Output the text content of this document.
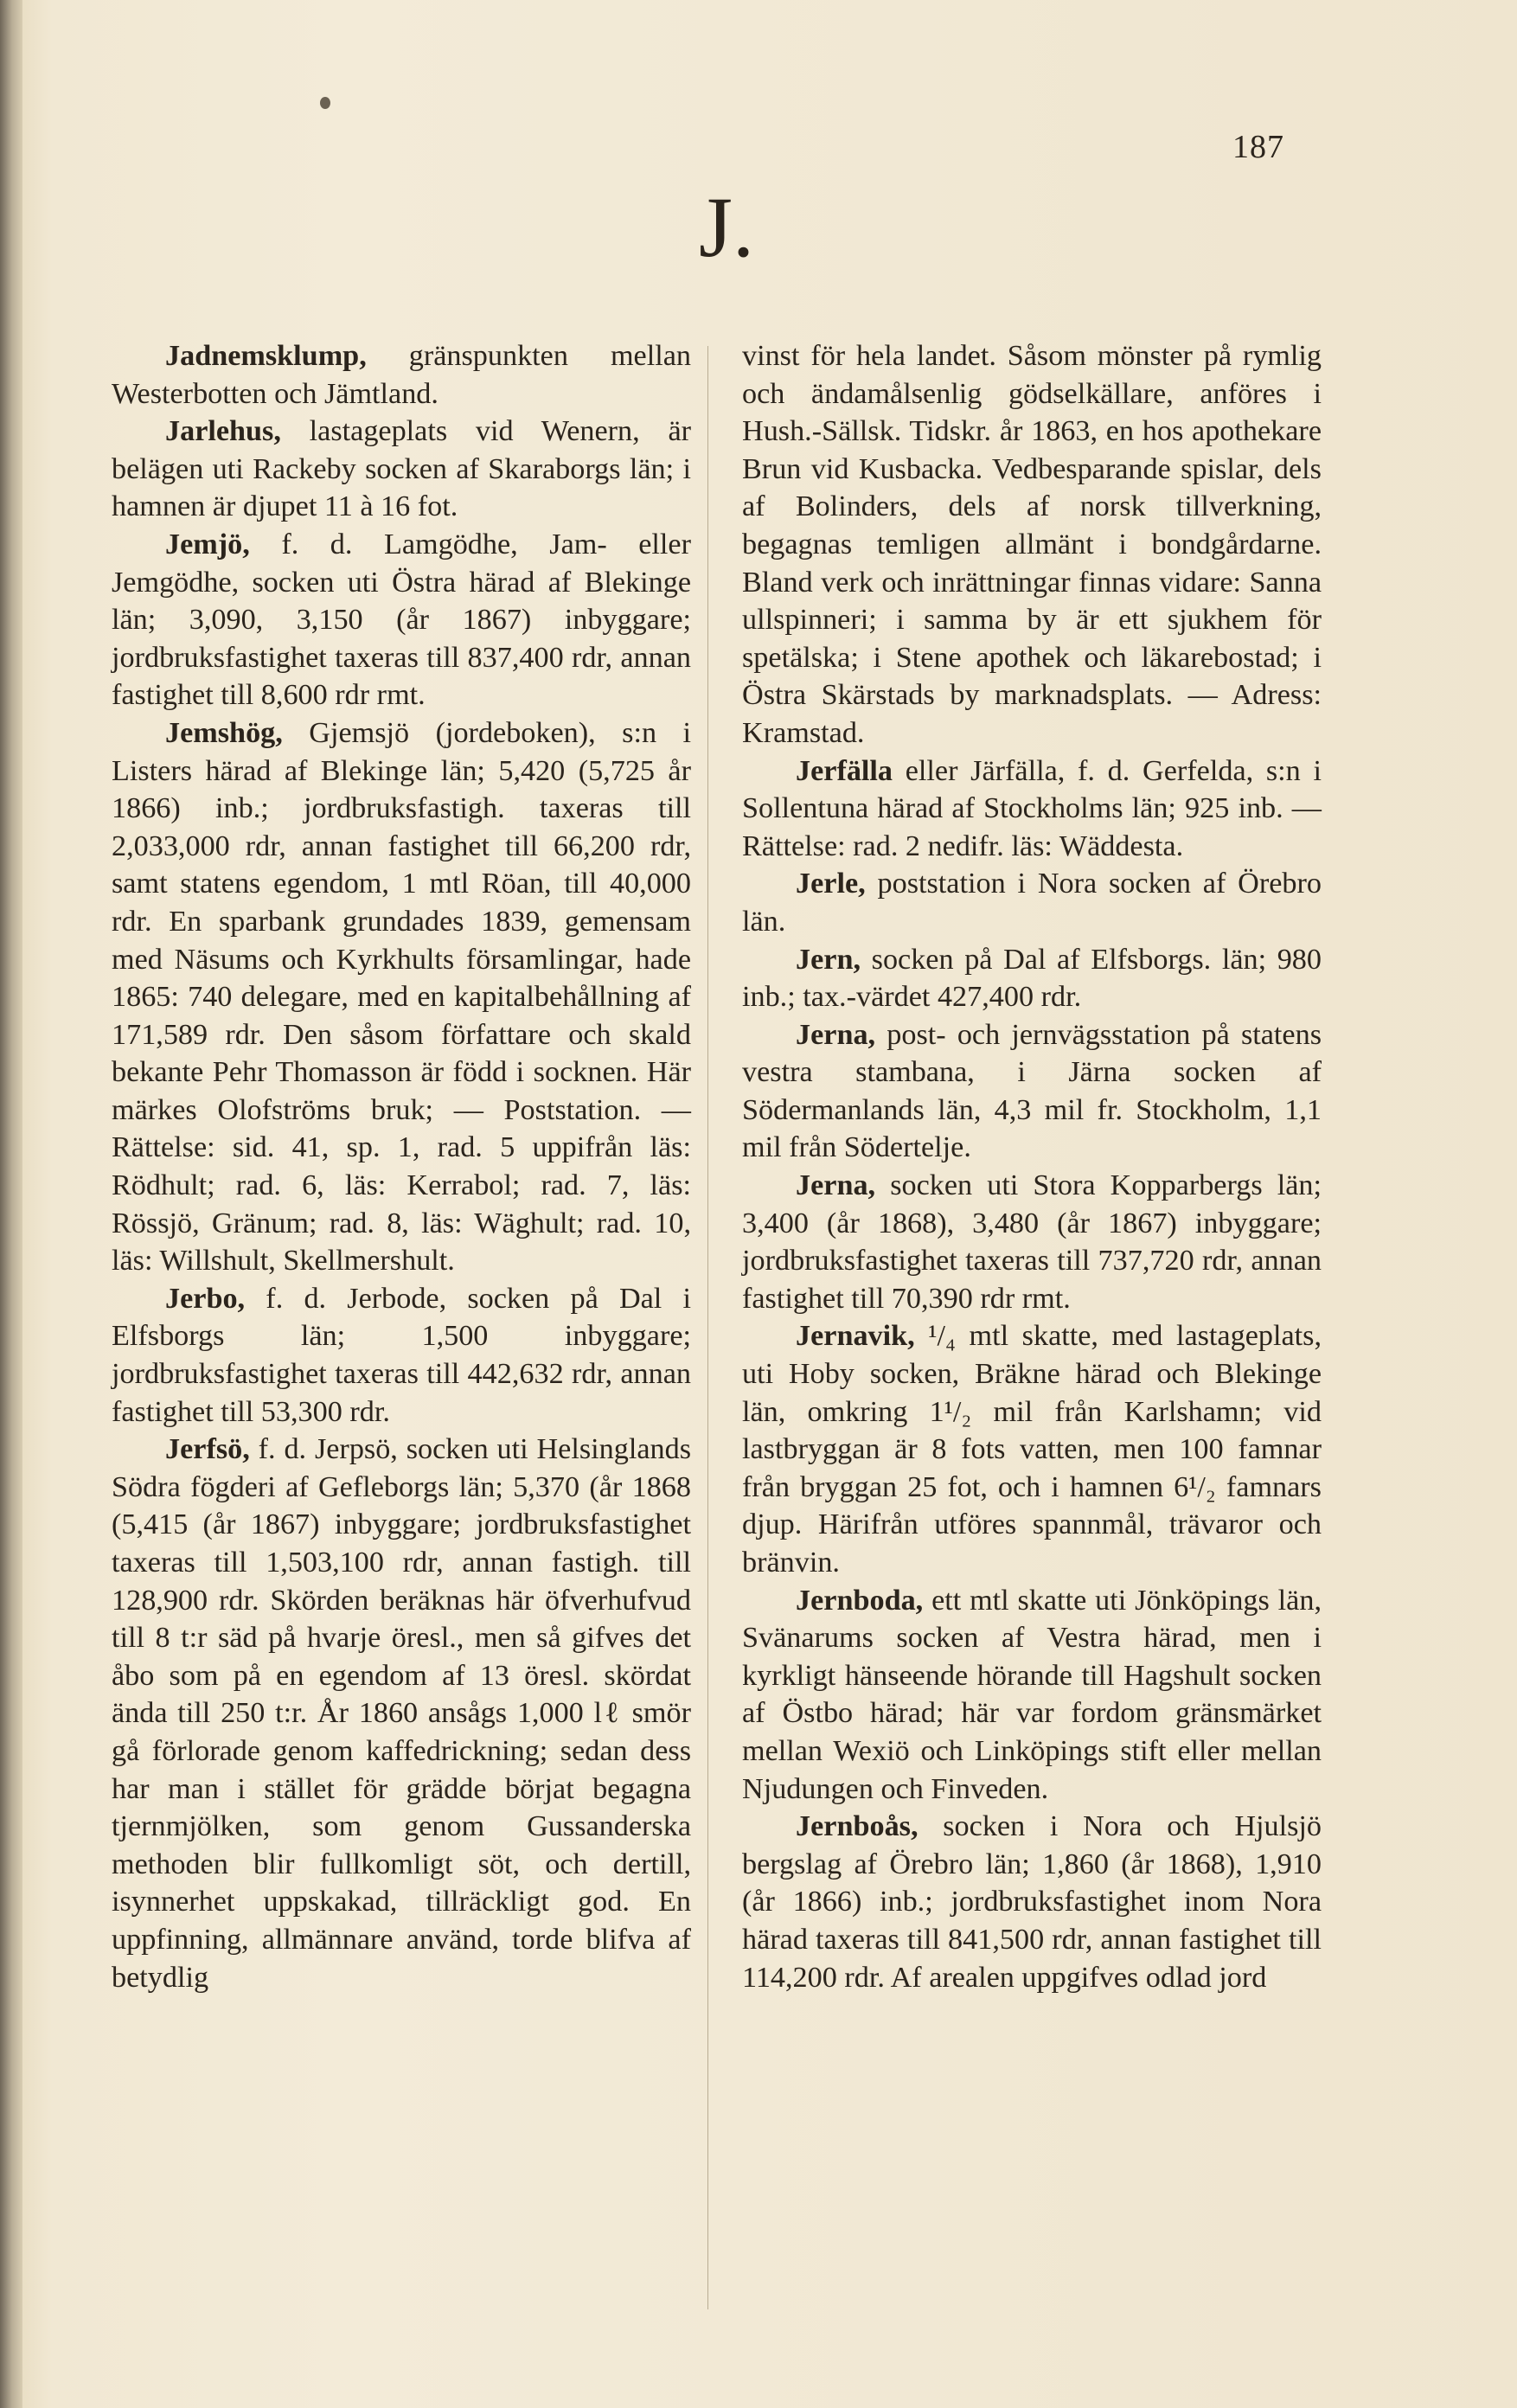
187
J.

Jadnemsklump, gränspunkten mellan Westerbotten och Jämtland.

Jarlehus, lastageplats vid Wenern, är belägen uti Rackeby socken af Skaraborgs län; i hamnen är djupet 11 à 16 fot.

Jemjö, f. d. Lamgödhe, Jam- eller Jemgödhe, socken uti Östra härad af Blekinge län; 3,090, 3,150 (år 1867) inbyggare; jordbruksfastighet taxeras till 837,400 rdr, annan fastighet till 8,600 rdr rmt.

Jemshög, Gjemsjö (jordeboken), s:n i Listers härad af Blekinge län; 5,420 (5,725 år 1866) inb.; jordbruksfastigh. taxeras till 2,033,000 rdr, annan fastighet till 66,200 rdr, samt statens egendom, 1 mtl Röan, till 40,000 rdr. En sparbank grundades 1839, gemensam med Näsums och Kyrkhults församlingar, hade 1865: 740 delegare, med en kapitalbehållning af 171,589 rdr. Den såsom författare och skald bekante Pehr Thomasson är född i socknen. Här märkes Olofströms bruk; — Poststation. — Rättelse: sid. 41, sp. 1, rad. 5 uppifrån läs: Rödhult; rad. 6, läs: Kerrabol; rad. 7, läs: Rössjö, Gränum; rad. 8, läs: Wäghult; rad. 10, läs: Willshult, Skellmershult.

Jerbo, f. d. Jerbode, socken på Dal i Elfsborgs län; 1,500 inbyggare; jordbruksfastighet taxeras till 442,632 rdr, annan fastighet till 53,300 rdr.

Jerfsö, f. d. Jerpsö, socken uti Helsinglands Södra fögderi af Gefleborgs län; 5,370 (år 1868 (5,415 (år 1867) inbyggare; jordbruksfastighet taxeras till 1,503,100 rdr, annan fastigh. till 128,900 rdr. Skörden beräknas här öfverhufvud till 8 t:r säd på hvarje öresl., men så gifves det åbo som på en egendom af 13 öresl. skördat ända till 250 t:r. År 1860 ansågs 1,000 lℓ smör gå förlorade genom kaffedrickning; sedan dess har man i stället för grädde börjat begagna tjernmjölken, som genom Gussanderska methoden blir fullkomligt söt, och dertill, isynnerhet uppskakad, tillräckligt god. En uppfinning, allmännare använd, torde blifva af betydlig

vinst för hela landet. Såsom mönster på rymlig och ändamålsenlig gödselkällare, anföres i Hush.-Sällsk. Tidskr. år 1863, en hos apothekare Brun vid Kusbacka. Vedbesparande spislar, dels af Bolinders, dels af norsk tillverkning, begagnas temligen allmänt i bondgårdarne. Bland verk och inrättningar finnas vidare: Sanna ullspinneri; i samma by är ett sjukhem för spetälska; i Stene apothek och läkarebostad; i Östra Skärstads by marknadsplats. — Adress: Kramstad.

Jerfälla eller Järfälla, f. d. Gerfelda, s:n i Sollentuna härad af Stockholms län; 925 inb. — Rättelse: rad. 2 nedifr. läs: Wäddesta.

Jerle, poststation i Nora socken af Örebro län.

Jern, socken på Dal af Elfsborgs. län; 980 inb.; tax.-värdet 427,400 rdr.

Jerna, post- och jernvägsstation på statens vestra stambana, i Järna socken af Södermanlands län, 4,3 mil fr. Stockholm, 1,1 mil från Södertelje.

Jerna, socken uti Stora Kopparbergs län; 3,400 (år 1868), 3,480 (år 1867) inbyggare; jordbruksfastighet taxeras till 737,720 rdr, annan fastighet till 70,390 rdr rmt.

Jernavik, ¹/₄ mtl skatte, med lastageplats, uti Hoby socken, Bräkne härad och Blekinge län, omkring 1¹/₂ mil från Karlshamn; vid lastbryggan är 8 fots vatten, men 100 famnar från bryggan 25 fot, och i hamnen 6¹/₂ famnars djup. Härifrån utföres spannmål, trävaror och bränvin.

Jernboda, ett mtl skatte uti Jönköpings län, Svänarums socken af Vestra härad, men i kyrkligt hänseende hörande till Hagshult socken af Östbo härad; här var fordom gränsmärket mellan Wexiö och Linköpings stift eller mellan Njudungen och Finveden.

Jernboås, socken i Nora och Hjulsjö bergslag af Örebro län; 1,860 (år 1868), 1,910 (år 1866) inb.; jordbruksfastighet inom Nora härad taxeras till 841,500 rdr, annan fastighet till 114,200 rdr. Af arealen uppgifves odlad jord
